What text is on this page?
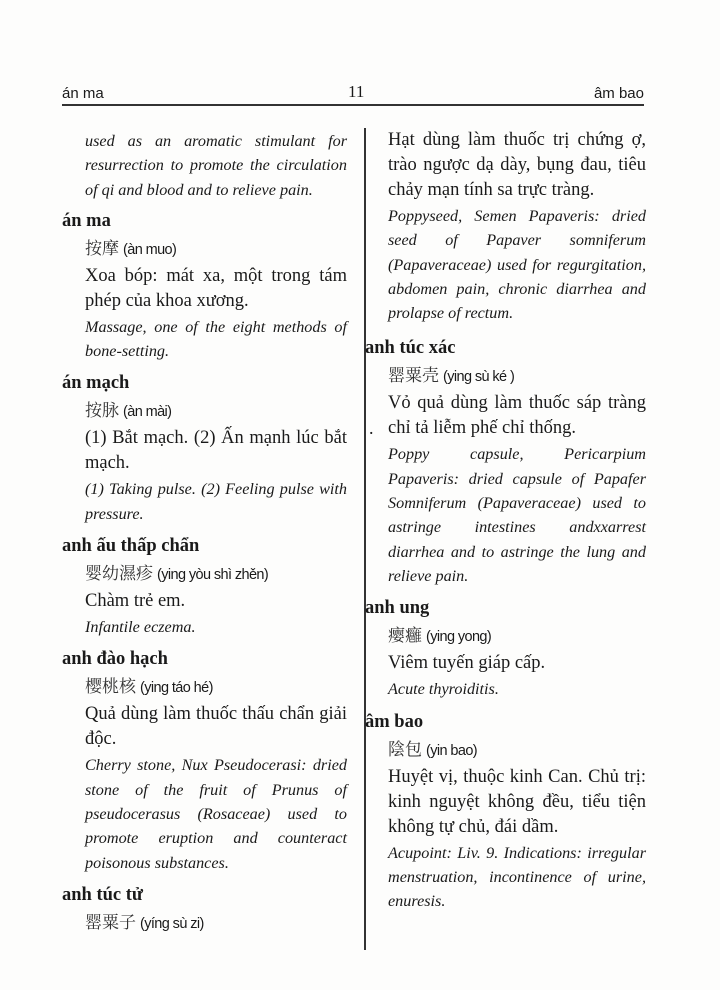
án ma	11	âm bao
.
used as an aromatic stimulant for resurrection to promote the circulation of qi and blood and to relieve pain.
án ma
按摩 (àn muo)
Xoa bóp: mát xa, một trong tám phép của khoa xương.
Massage, one of the eight methods of bone-setting.
án mạch
按脉 (àn mài)
(1) Bắt mạch. (2) Ấn mạnh lúc bắt mạch.
(1) Taking pulse. (2) Feeling pulse with pressure.
anh ấu thấp chẩn
婴幼濕疹 (ying yòu shì zhěn)
Chàm trẻ em.
Infantile eczema.
anh đào hạch
樱桃核 (ying táo hé)
Quả dùng làm thuốc thấu chẩn giải độc.
Cherry stone, Nux Pseudocerasi: dried stone of the fruit of Prunus of pseudocerasus (Rosaceae) used to promote eruption and counteract poisonous substances.
anh túc tử
罂粟子 (yíng sù zi)
Hạt dùng làm thuốc trị chứng ợ, trào ngược dạ dày, bụng đau, tiêu chảy mạn tính sa trực tràng.
Poppyseed, Semen Papaveris: dried seed of Papaver somniferum (Papaveraceae) used for regurgitation, abdomen pain, chronic diarrhea and prolapse of rectum.
anh túc xác
罂粟壳 (ying sù ké )
Vỏ quả dùng làm thuốc sáp tràng chỉ tả liễm phế chỉ thống.
Poppy capsule, Pericarpium Papaveris: dried capsule of Papafer Somniferum (Papaveraceae) used to astringe intestines andxxarrest diarrhea and to astringe the lung and relieve pain.
anh ung
瘿癰 (ying yong)
Viêm tuyến giáp cấp.
Acute thyroiditis.
âm bao
陰包 (yin bao)
Huyệt vị, thuộc kinh Can. Chủ trị: kinh nguyệt không đều, tiểu tiện không tự chủ, đái dầm.
Acupoint: Liv. 9. Indications: irregular menstruation, incontinence of urine, enuresis.
